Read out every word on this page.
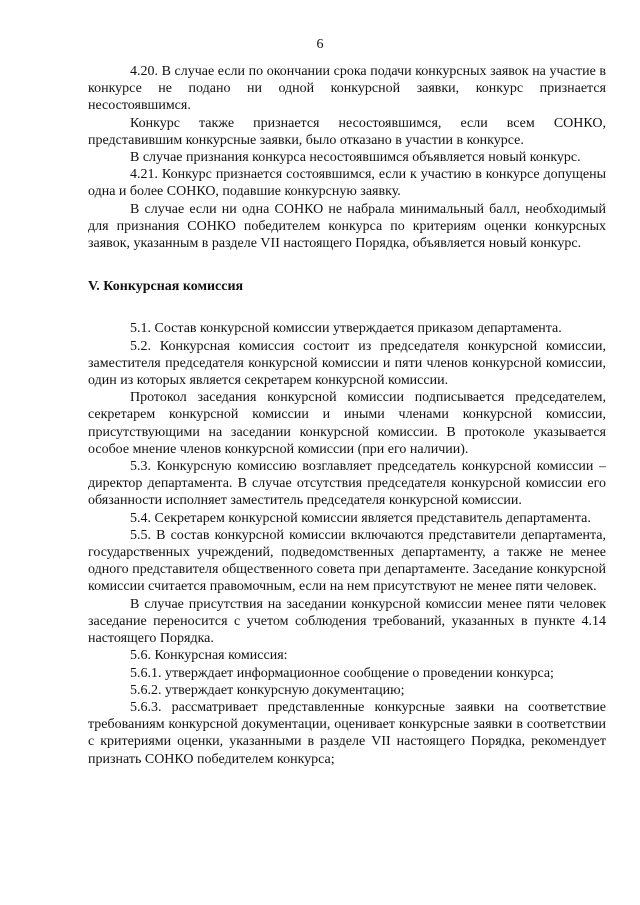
6

4.20. В случае если по окончании срока подачи конкурсных заявок на участие в конкурсе не подано ни одной конкурсной заявки, конкурс признается несостоявшимся.

Конкурс также признается несостоявшимся, если всем СОНКО, представившим конкурсные заявки, было отказано в участии в конкурсе.

В случае признания конкурса несостоявшимся объявляется новый конкурс.

4.21. Конкурс признается состоявшимся, если к участию в конкурсе допущены одна и более СОНКО, подавшие конкурсную заявку.

В случае если ни одна СОНКО не набрала минимальный балл, необходимый для признания СОНКО победителем конкурса по критериям оценки конкурсных заявок, указанным в разделе VII настоящего Порядка, объявляется новый конкурс.

V. Конкурсная комиссия

5.1. Состав конкурсной комиссии утверждается приказом департамента.

5.2. Конкурсная комиссия состоит из председателя конкурсной комиссии, заместителя председателя конкурсной комиссии и пяти членов конкурсной комиссии, один из которых является секретарем конкурсной комиссии.

Протокол заседания конкурсной комиссии подписывается председателем, секретарем конкурсной комиссии и иными членами конкурсной комиссии, присутствующими на заседании конкурсной комиссии. В протоколе указывается особое мнение членов конкурсной комиссии (при его наличии).

5.3. Конкурсную комиссию возглавляет председатель конкурсной комиссии – директор департамента. В случае отсутствия председателя конкурсной комиссии его обязанности исполняет заместитель председателя конкурсной комиссии.

5.4. Секретарем конкурсной комиссии является представитель департамента.

5.5. В состав конкурсной комиссии включаются представители департамента, государственных учреждений, подведомственных департаменту, а также не менее одного представителя общественного совета при департаменте. Заседание конкурсной комиссии считается правомочным, если на нем присутствуют не менее пяти человек.

В случае присутствия на заседании конкурсной комиссии менее пяти человек заседание переносится с учетом соблюдения требований, указанных в пункте 4.14 настоящего Порядка.

5.6. Конкурсная комиссия:

5.6.1. утверждает информационное сообщение о проведении конкурса;

5.6.2. утверждает конкурсную документацию;

5.6.3. рассматривает представленные конкурсные заявки на соответствие требованиям конкурсной документации, оценивает конкурсные заявки в соответствии с критериями оценки, указанными в разделе VII настоящего Порядка, рекомендует признать СОНКО победителем конкурса;
